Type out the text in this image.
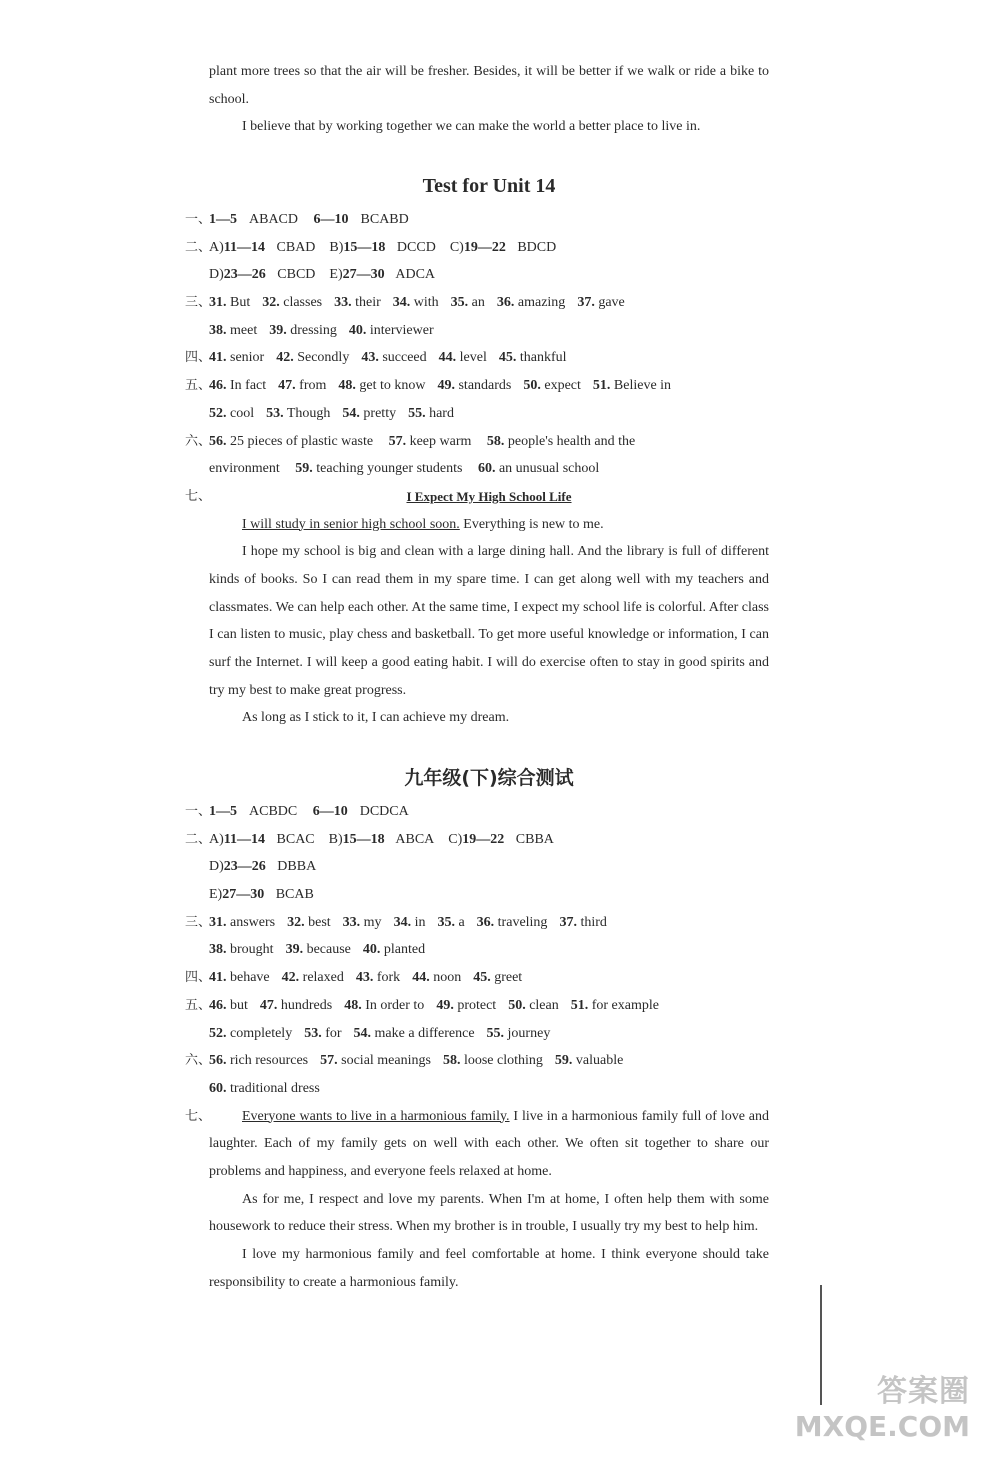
plant more trees so that the air will be fresher. Besides, it will be better if we walk or ride a bike to school.

I believe that by working together we can make the world a better place to live in.

Test for Unit 14
一、
1—5 ABACD 6—10 BCABD
二、
A)11—14 CBAD B)15—18 DCCD C)19—22 BDCD
D)23—26 CBCD E)27—30 ADCA
三、
31. But 32. classes 33. their 34. with 35. an 36. amazing 37. gave
38. meet 39. dressing 40. interviewer
四、
41. senior 42. Secondly 43. succeed 44. level 45. thankful
五、
46. In fact 47. from 48. get to know 49. standards 50. expect 51. Believe in
52. cool 53. Though 54. pretty 55. hard
六、
56. 25 pieces of plastic waste 57. keep warm 58. people's health and the
environment 59. teaching younger students 60. an unusual school
七、	I Expect My High School Life

I will study in senior high school soon. Everything is new to me.

I hope my school is big and clean with a large dining hall. And the library is full of different kinds of books. So I can read them in my spare time. I can get along well with my teachers and classmates. We can help each other. At the same time, I expect my school life is colorful. After class I can listen to music, play chess and basketball. To get more useful knowledge or information, I can surf the Internet. I will keep a good eating habit. I will do exercise often to stay in good spirits and try my best to make great progress.

As long as I stick to it, I can achieve my dream.

九年级(下)综合测试
一、
1—5 ACBDC 6—10 DCDCA
二、
A)11—14 BCAC B)15—18 ABCA C)19—22 CBBA
D)23—26 DBBA
E)27—30 BCAB
三、
31. answers 32. best 33. my 34. in 35. a 36. traveling 37. third
38. brought 39. because 40. planted
四、
41. behave 42. relaxed 43. fork 44. noon 45. greet
五、
46. but 47. hundreds 48. In order to 49. protect 50. clean 51. for example
52. completely 53. for 54. make a difference 55. journey
六、
56. rich resources 57. social meanings 58. loose clothing 59. valuable
60. traditional dress
七、	Everyone wants to live in a harmonious family. I live in a harmonious family full of love and laughter. Each of my family gets on well with each other. We often sit together to share our problems and happiness, and everyone feels relaxed at home.

As for me, I respect and love my parents. When I'm at home, I often help them with some housework to reduce their stress. When my brother is in trouble, I usually try my best to help him.

I love my harmonious family and feel comfortable at home. I think everyone should take responsibility to create a harmonious family.

答案圈
MXQE.COM
